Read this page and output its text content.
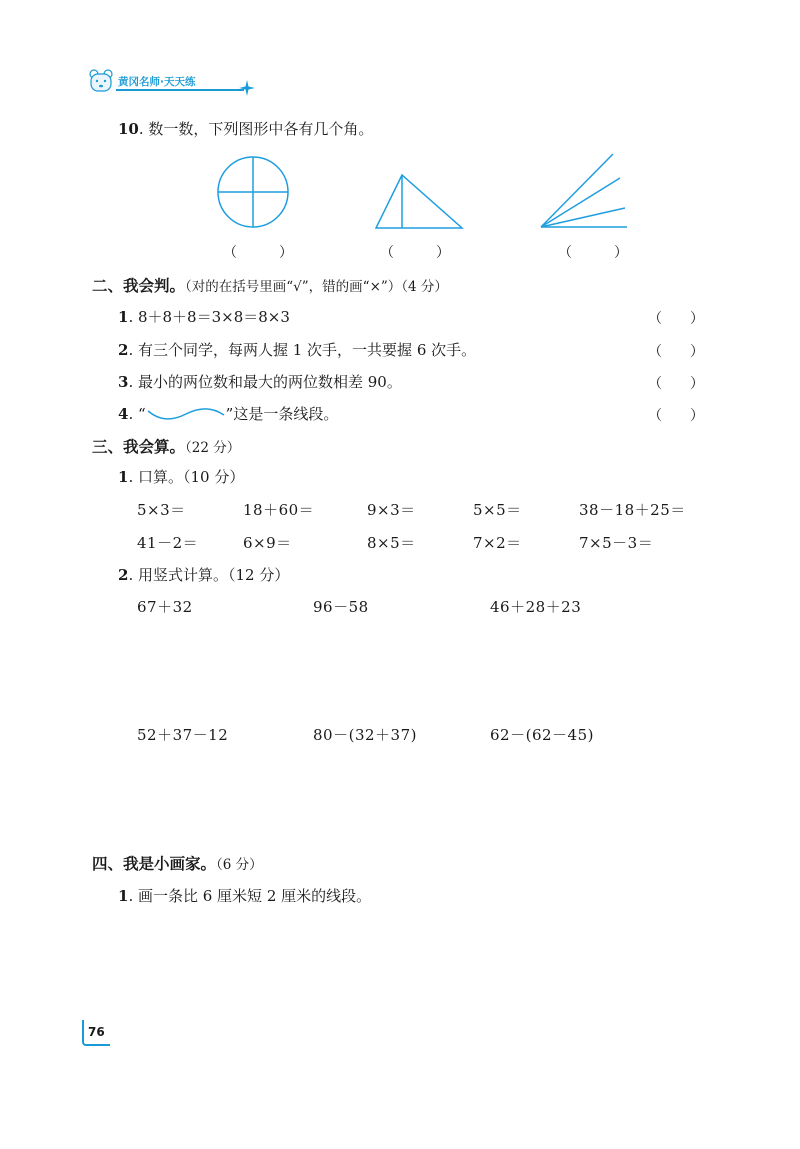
黄冈名师·天天练
10. 数一数，下列图形中各有几个角。
（　）	（　）	（　）
二、我会判。（对的在括号里画“√”，错的画“×”）（4 分）
1. 8＋8＋8＝3×8＝8×3
2. 有三个同学，每两人握 1 次手，一共要握 6 次手。
3. 最小的两位数和最大的两位数相差 90。
4 . “	”这是一条线段。
（ ）
（ ）
（ ）
（ ）
三、我会算。（22 分）
1. 口算。（10 分）
5×3＝	18＋60＝	9×3＝	5×5＝	38－18＋25＝
41－2＝	6×9＝	8×5＝	7×2＝	7×5－3＝
2. 用竖式计算。（12 分）
67＋32	96－58	46＋28＋23
52＋37－12	80－(32＋37)	62－(62－45)
四、我是小画家。（6 分）
1. 画一条比 6 厘米短 2 厘米的线段。
76
